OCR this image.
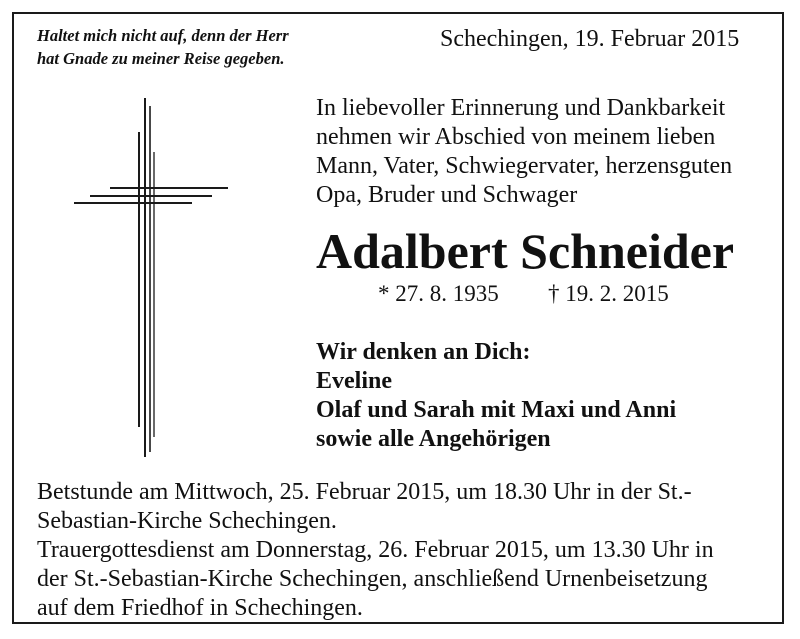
Haltet mich nicht auf, denn der Herr
hat Gnade zu meiner Reise gegeben.
Schechingen, 19. Februar 2015
In liebevoller Erinnerung und Dankbarkeit
nehmen wir Abschied von meinem lieben
Mann, Vater, Schwiegervater, herzensguten
Opa, Bruder und Schwager
Adalbert Schneider
* 27. 8. 1935 † 19. 2. 2015
Wir denken an Dich:
Eveline
Olaf und Sarah mit Maxi und Anni
sowie alle Angehörigen
Betstunde am Mittwoch, 25. Februar 2015, um 18.30 Uhr in der St.-
Sebastian-Kirche Schechingen.
Trauergottesdienst am Donnerstag, 26. Februar 2015, um 13.30 Uhr in
der St.-Sebastian-Kirche Schechingen, anschließend Urnenbeisetzung
auf dem Friedhof in Schechingen.
